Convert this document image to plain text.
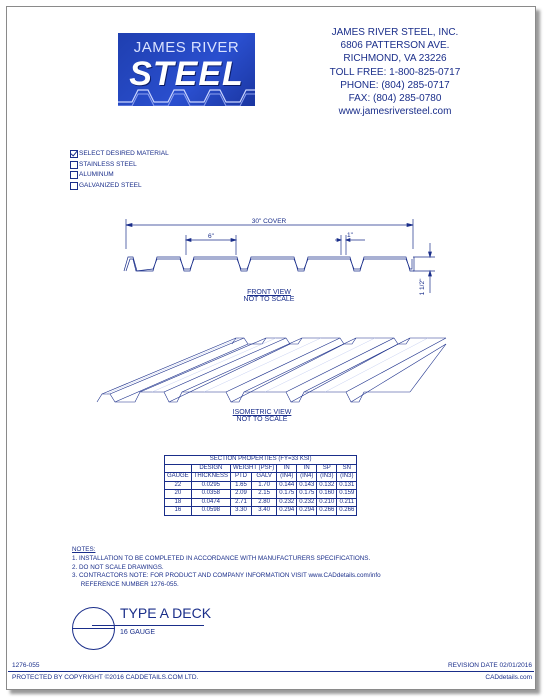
JAMES RIVER
STEEL
JAMES RIVER STEEL, INC.
6806 PATTERSON AVE.
RICHMOND, VA 23226
TOLL FREE: 1-800-825-0717
PHONE: (804) 285-0717
FAX: (804) 285-0780
www.jamesriversteel.com
SELECT DESIRED MATERIAL
STAINLESS STEEL
ALUMINUM
GALVANIZED STEEL
30" COVER
6"	1"
1 1/2"
FRONT VIEW
NOT TO SCALE
ISOMETRIC VIEW
NOT TO SCALE
SECTION PROPERTIES (FY=33 KSI)							
	DESIGN	WEIGHT (PSF)		IN	IN	SP	SN
GAUGE	THICKNESS	PTD	GALV	(IN4)	(IN4)	(IN3)	(IN3)
22	0.0295	1.65	1.70	0.144	0.143	0.132	0.131
20	0.0358	2.09	2.15	0.175	0.175	0.160	0.159
18	0.0474	2.71	2.80	0.232	0.232	0.210	0.211
16	0.0598	3.30	3.40	0.294	0.294	0.266	0.266
NOTES:
1. INSTALLATION TO BE COMPLETED IN ACCORDANCE WITH MANUFACTURERS SPECIFICATIONS.
2. DO NOT SCALE DRAWINGS.
3. CONTRACTORS NOTE: FOR PRODUCT AND COMPANY INFORMATION VISIT www.CADdetails.com/info
REFERENCE NUMBER 1276-055.
TYPE A DECK
16 GAUGE
1276-055	REVISION DATE 02/01/2016
PROTECTED BY COPYRIGHT ©2016 CADDETAILS.COM LTD.	CADdetails.com
